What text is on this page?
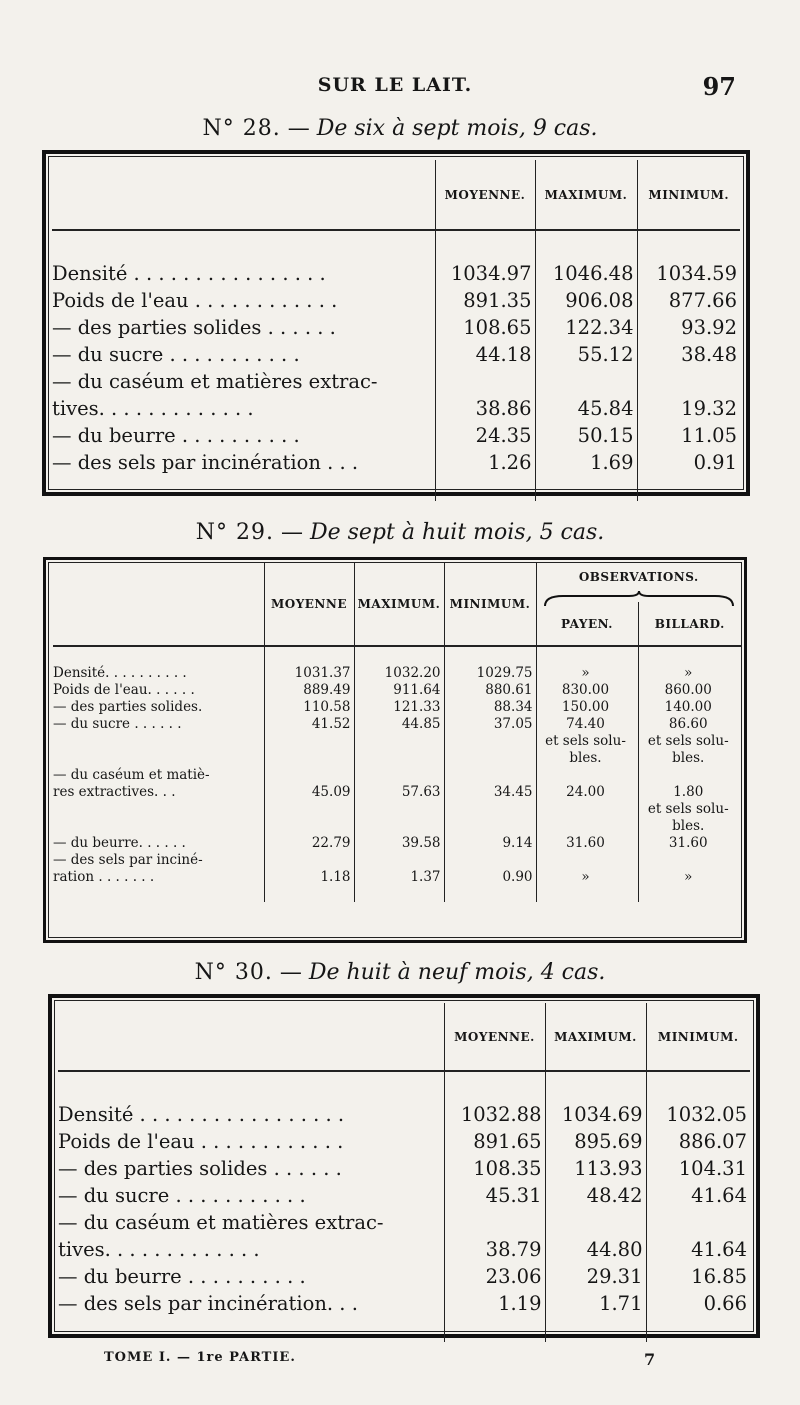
SUR LE LAIT.	97
N° 28. — De six à sept mois, 9 cas.
	MOYENNE.	MAXIMUM.	MINIMUM.

Densité . . . . . . . . . . . . . . . .	1034.97	1046.48	1034.59
Poids de l'eau . . . . . . . . . . . .	891.35	906.08	877.66
— des parties solides . . . . . .	108.65	122.34	93.92
— du sucre . . . . . . . . . . .	44.18	55.12	38.48
— du caséum et matières extrac-			
tives. . . . . . . . . . . . .	38.86	45.84	19.32
— du beurre . . . . . . . . . .	24.35	50.15	11.05
— des sels par incinération . . .	1.26	1.69	0.91

N° 29. — De sept à huit mois, 5 cas.
	MOYENNE	MAXIMUM.	MINIMUM.	OBSERVATIONS.	

				PAYEN.	BILLARD.

Densité. . . . . . . . . .	1031.37	1032.20	1029.75	»	»
Poids de l'eau. . . . . .	889.49	911.64	880.61	830.00	860.00
— des parties solides.	110.58	121.33	88.34	150.00	140.00
— du sucre . . . . . .	41.52	44.85	37.05	74.40	86.60
				et sels solu-	et sels solu-
				bles.	bles.
— du caséum et matiè-					
res extractives. . .	45.09	57.63	34.45	24.00	1.80
					et sels solu-
					bles.
— du beurre. . . . . .	22.79	39.58	9.14	31.60	31.60
— des sels par inciné-					
ration . . . . . . .	1.18	1.37	0.90	»	»

N° 30. — De huit à neuf mois, 4 cas.
	MOYENNE.	MAXIMUM.	MINIMUM.

Densité . . . . . . . . . . . . . . . . .	1032.88	1034.69	1032.05
Poids de l'eau . . . . . . . . . . . .	891.65	895.69	886.07
— des parties solides . . . . . .	108.35	113.93	104.31
— du sucre . . . . . . . . . . .	45.31	48.42	41.64
— du caséum et matières extrac-			
tives. . . . . . . . . . . . .	38.79	44.80	41.64
— du beurre . . . . . . . . . .	23.06	29.31	16.85
— des sels par incinération. . .	1.19	1.71	0.66

TOME I. — 1re PARTIE.	7
